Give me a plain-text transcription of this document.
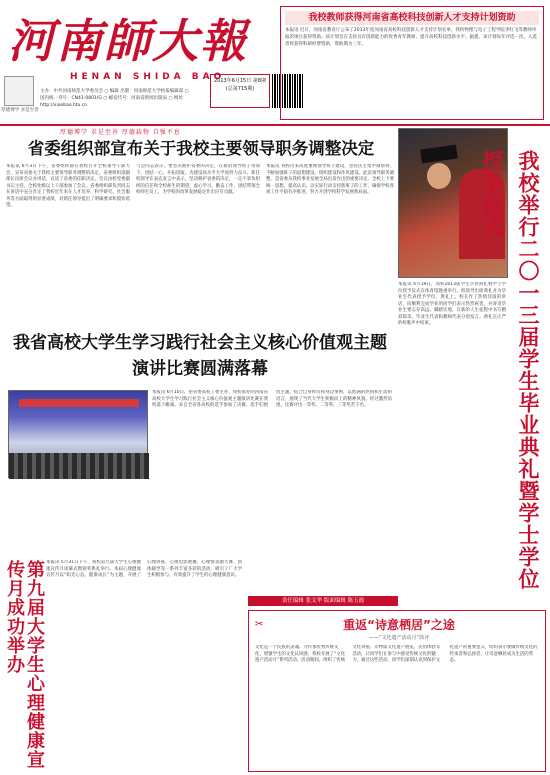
河南師大報
HENAN SHIDA BAO
厚德博学 求是至善
主办：中共河南师范大学委员会 ○ 编辑 出版：河南师范大学校报编辑部 ○ 国内统一刊号：CN41-0801/G ○ 邮发代号：河南省新闻出版局 ○ 网址：http://xiaobao.htu.cn
2013年6月15日 第8期 (总第715期)
我校教师获得河南省高校科技创新人才支持计划资助
本报讯 近日，河南省教育厅公布了2013年度河南省高校科技创新人才支持计划名单，我校物理与电子工程学院李红飞等教师申报的项目获得资助。该计划旨在支持具有创新能力的优秀青年教师，提升高校科技创新水平。据悉，该计划每年评选一次，入选者将获得科研经费资助，资助期为三年。
厚德博学 求是至善 厚德载物 自强不息
省委组织部宣布关于我校主要领导职务调整决定
本报讯 6月3日下午，省委组织部在我校召开全校领导干部大会，宣布省委关于我校主要领导职务调整的决定。省委组织部副部长出席会议并讲话，宣读了省委的任职决定。会议由校党委副书记主持。全校处级以上干部参加了会议。省委组织部负责同志在讲话中充分肯定了我校近年来在人才培养、科学研究、社会服务等方面取得的显著成绩，对新任领导提出了明确要求和殷切希望。
与会同志表示，要坚决拥护省委的决定，在新的领导班子带领下，团结一心，开拓进取，为建设高水平大学而努力奋斗。新任校领导在表态发言中表示，坚决拥护省委的决定，一定不辜负组织的信任和全校师生的期望，虚心学习，勤奋工作，团结带领全校师生员工，为学校的改革发展稳定作出应有贡献。
本报讯 我校历来高度重视领导班子建设，坚持民主集中制原则，不断加强班子的思想建设、组织建设和作风建设。此次领导职务调整，是省委从我校事业发展全局出发作出的重要决定。全校上下要统一思想，提高认识，以实际行动支持新班子的工作，确保学校各项工作平稳有序推进，努力开创学校科学发展新局面。	我校举行二〇一三届学生毕业典礼暨学士学位授予仪式
本报讯 6月19日，我校2013届学生毕业典礼暨学士学位授予仪式在体育馆隆重举行。校领导出席典礼并为毕业生代表授予学位。典礼上，校长作了热情洋溢的讲话，向顺利完成学业的同学们表示热烈祝贺，并寄语毕业生要志存高远、脚踏实地，在新的人生征程中书写精彩篇章。毕业生代表和教师代表分别发言。典礼在庄严的校歌声中结束。
我省高校大学生学习践行社会主义核心价值观主题演讲比赛圆满落幕
本报讯 6月10日，由省委高校工委主办、我校承办的河南省高校大学生学习践行社会主义核心价值观主题演讲比赛在我校落下帷幕。来自全省各高校的选手参加了决赛。选手们围绕主题，结合自身经历和身边事例，以饱满的热情和生动的语言，展现了当代大学生积极向上的精神风貌。经过激烈角逐，比赛评出一等奖、二等奖、三等奖若干名。
第九届大学生心理健康宣传月成功举办	本报讯 5月31日下午，我校第九届大学生心理健康宣传月闭幕式暨颁奖典礼举行。本届心理健康宣传月以“阳光心态、健康成长”为主题，开展了心理讲座、心理电影展播、心理情景剧大赛、团体辅导等一系列丰富多彩的活动，吸引了广大学生积极参与，有效提升了学生的心理健康意识。
责任编辑 张文华 版面编辑 陈玉霞
✂	重返“诗意栖居”之途
——“文化遗产活动月”简评
文化是一个民族的灵魂。为传承优秀传统文化，增强学生的文化认同感，我校开展了“文化遗产活动月”系列活动。活动期间，组织了传统文化讲座、非物质文化遗产展览、民俗体验等活动，让同学们在参与中感受传统文化的魅力。通过这些活动，同学们深刻认识到保护文化遗产的重要意义，纷纷表示要做传统文化的传承者和弘扬者，让诗意栖居成为生活的常态。
